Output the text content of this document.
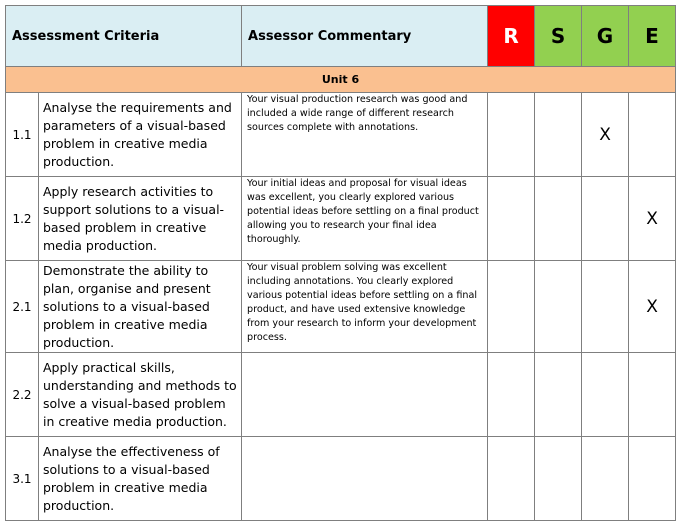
Assessment Criteria		Assessor Commentary	R	S	G	E
Unit 6						
1.1	Analyse the requirements and parameters of a visual-based problem in creative media production.	Your visual production research was good and included a wide range of different research sources complete with annotations.			X	
1.2	Apply research activities to support solutions to a visual-based problem in creative media production.	Your initial ideas and proposal for visual ideas was excellent, you clearly explored various potential ideas before settling on a final product allowing you to research your final idea thoroughly.				X
2.1	Demonstrate the ability to plan, organise and present solutions to a visual-based problem in creative media production.	Your visual problem solving was excellent including annotations. You clearly explored various potential ideas before settling on a final product, and have used extensive knowledge from your research to inform your development process.				X
2.2	Apply practical skills, understanding and methods to solve a visual-based problem in creative media production.					
3.1	Analyse the effectiveness of solutions to a visual-based problem in creative media production.					
